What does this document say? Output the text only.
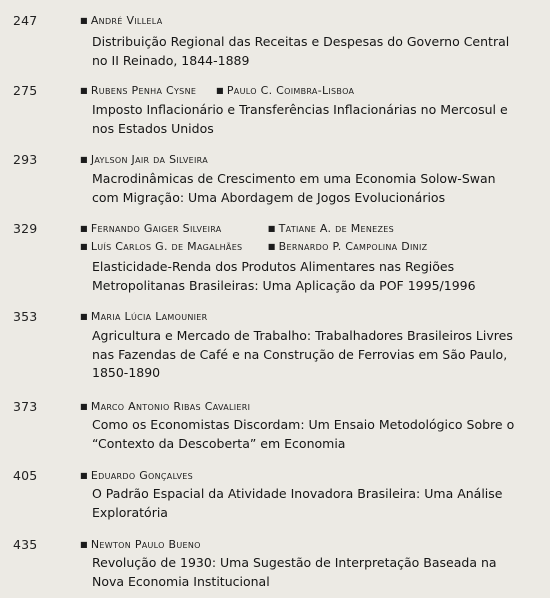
247	■ André Villela
Distribuição Regional das Receitas e Despesas do Governo Central
no II Reinado, 1844-1889
275	■ Rubens Penha Cysne ■ Paulo C. Coimbra-Lisboa
Imposto Inflacionário e Transferências Inflacionárias no Mercosul e
nos Estados Unidos
293	■ Jaylson Jair da Silveira
Macrodinâmicas de Crescimento em uma Economia Solow-Swan
com Migração: Uma Abordagem de Jogos Evolucionários
329	■ Fernando Gaiger Silveira	■ Tatiane A. de Menezes
■ Luís Carlos G. de Magalhães	■ Bernardo P. Campolina Diniz
Elasticidade-Renda dos Produtos Alimentares nas Regiões
Metropolitanas Brasileiras: Uma Aplicação da POF 1995/1996
353	■ Maria Lúcia Lamounier
Agricultura e Mercado de Trabalho: Trabalhadores Brasileiros Livres
nas Fazendas de Café e na Construção de Ferrovias em São Paulo,
1850-1890
373	■ Marco Antonio Ribas Cavalieri
Como os Economistas Discordam: Um Ensaio Metodológico Sobre o
“Contexto da Descoberta” em Economia
405	■ Eduardo Gonçalves
O Padrão Espacial da Atividade Inovadora Brasileira: Uma Análise
Exploratória
435	■ Newton Paulo Bueno
Revolução de 1930: Uma Sugestão de Interpretação Baseada na
Nova Economia Institucional
